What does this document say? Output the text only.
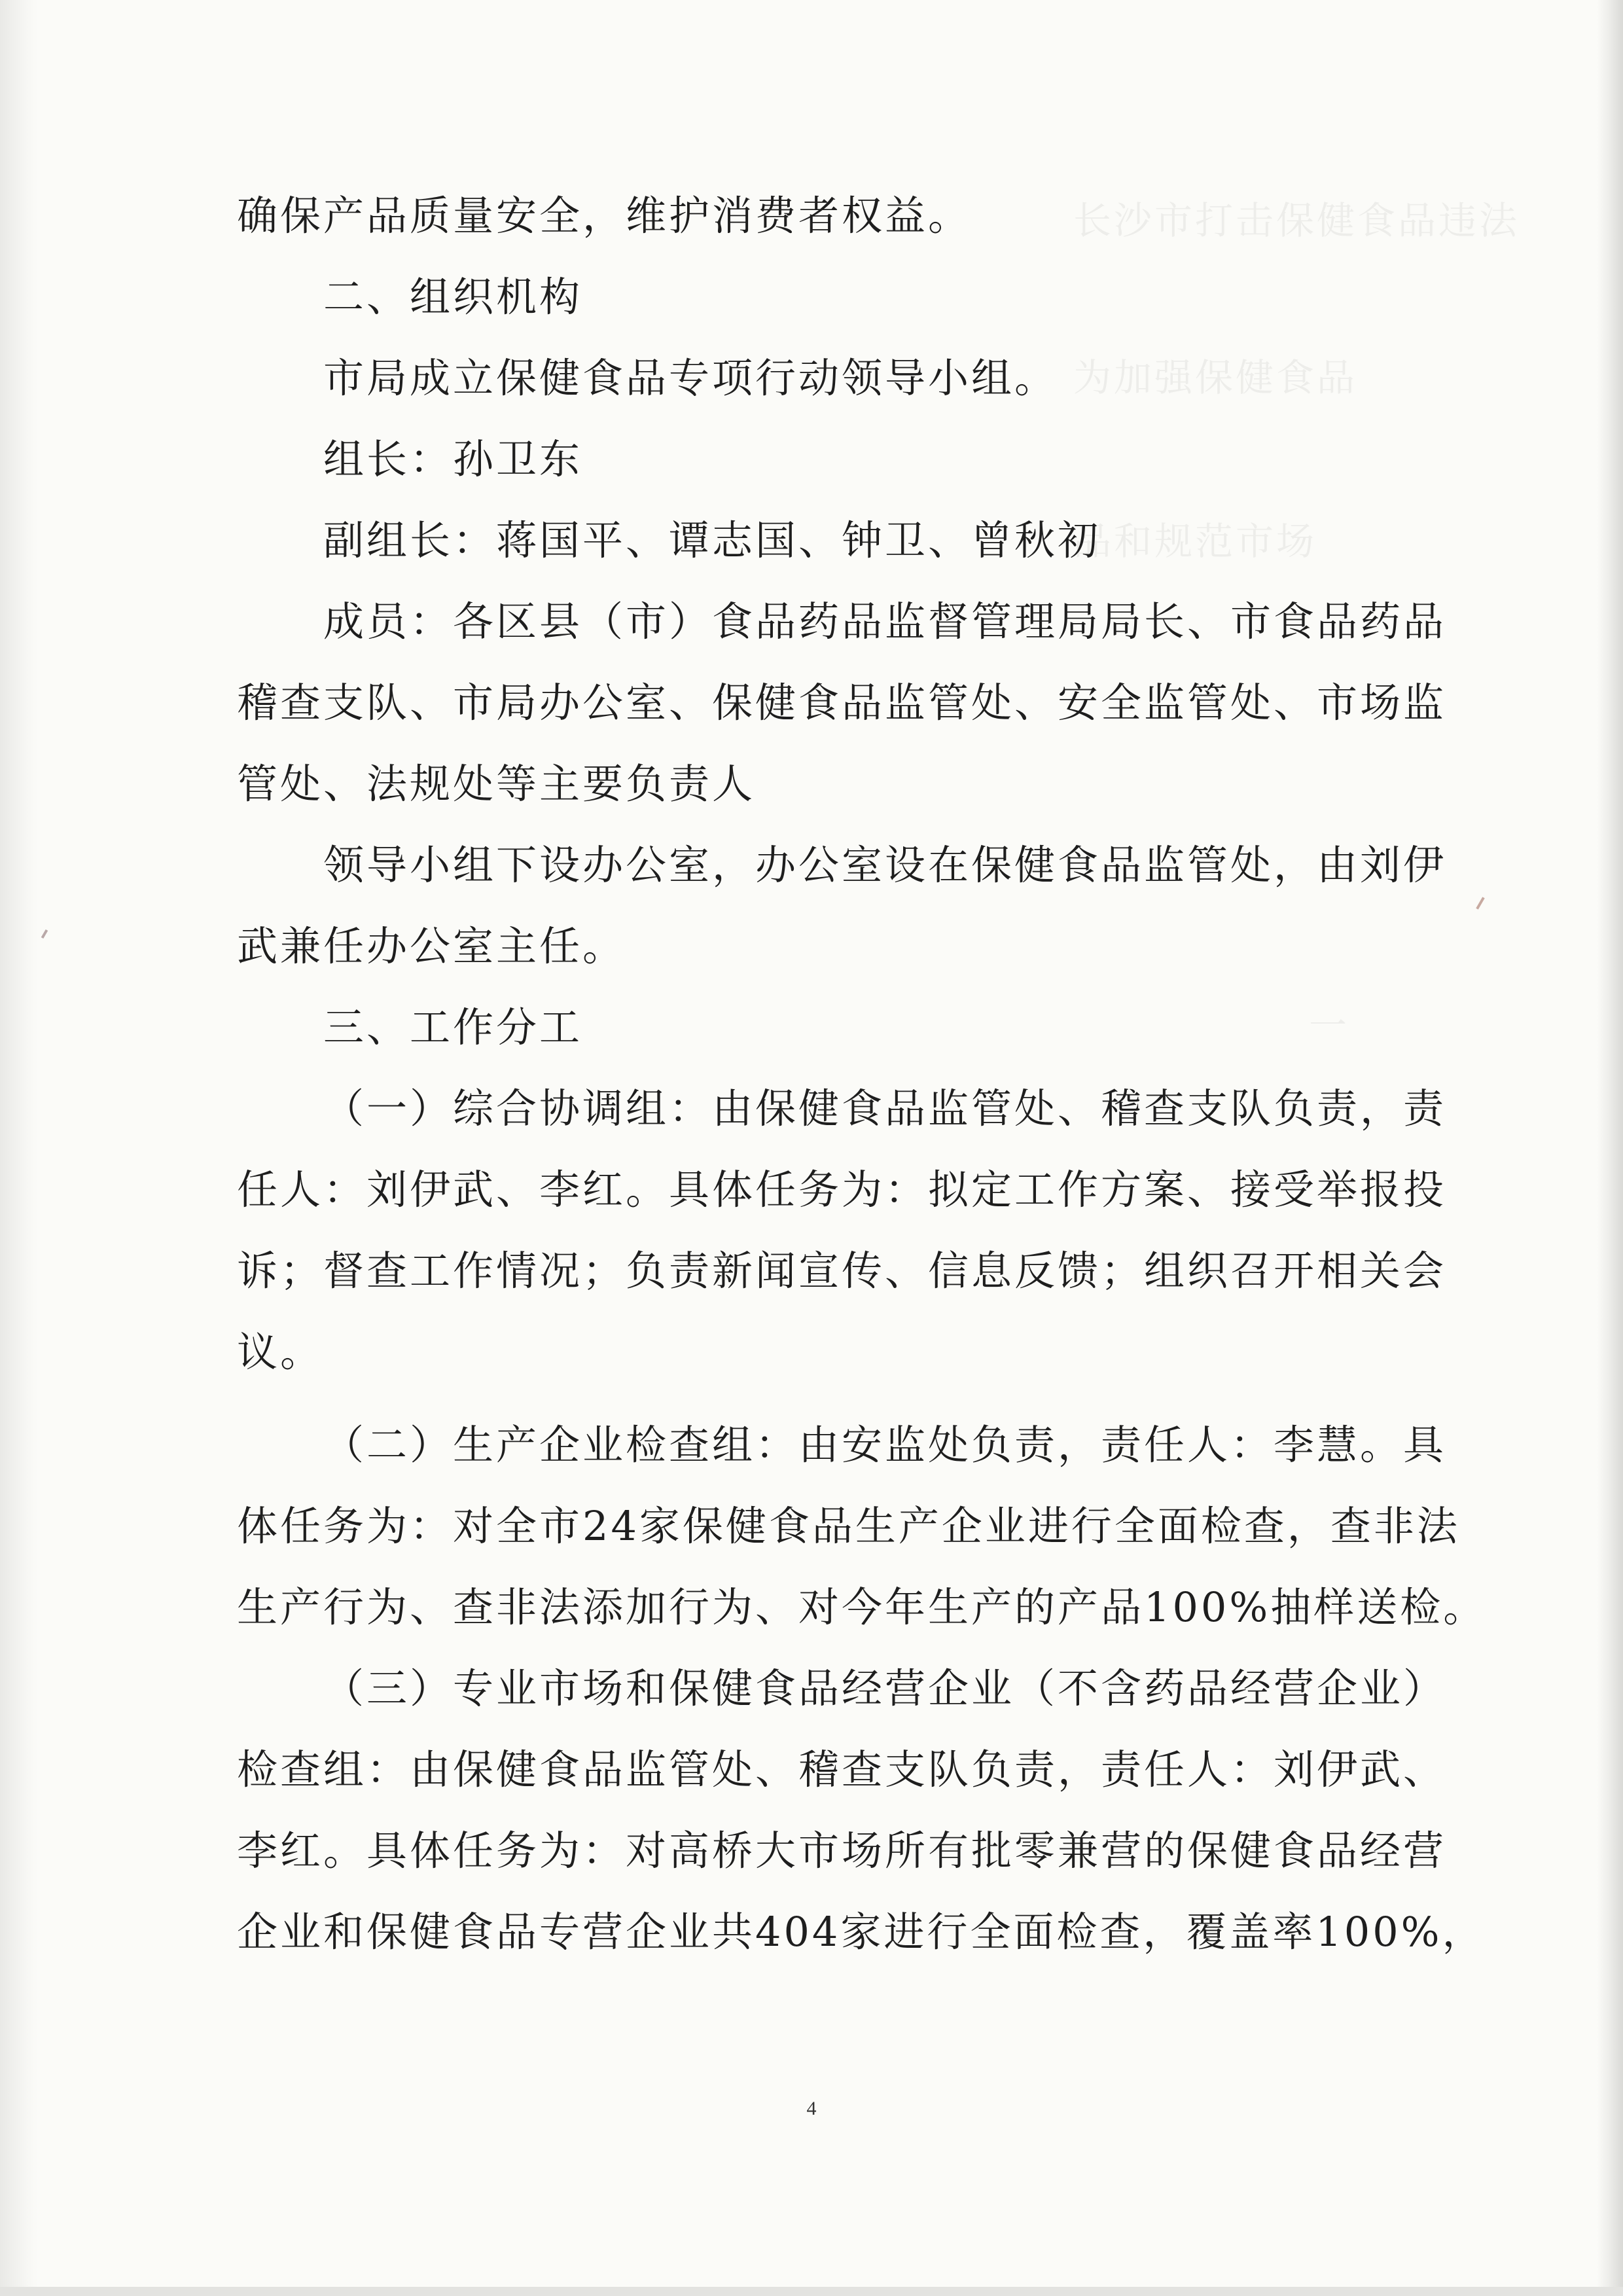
长沙市打击保健食品违法
为加强保健食品
品和规范市场
一
确保产品质量安全，维护消费者权益。
二、组织机构
市局成立保健食品专项行动领导小组。
组长：孙卫东
副组长：蒋国平、谭志国、钟卫、曾秋初
成员：各区县（市）食品药品监督管理局局长、市食品药品
稽查支队、市局办公室、保健食品监管处、安全监管处、市场监
管处、法规处等主要负责人
领导小组下设办公室，办公室设在保健食品监管处，由刘伊
武兼任办公室主任。
三、工作分工
（一）综合协调组：由保健食品监管处、稽查支队负责，责
任人：刘伊武、李红。具体任务为：拟定工作方案、接受举报投
诉；督查工作情况；负责新闻宣传、信息反馈；组织召开相关会
议。
（二）生产企业检查组：由安监处负责，责任人：李慧。具
体任务为：对全市24家保健食品生产企业进行全面检查，查非法
生产行为、查非法添加行为、对今年生产的产品100%抽样送检。
（三）专业市场和保健食品经营企业（不含药品经营企业）
检查组：由保健食品监管处、稽查支队负责，责任人：刘伊武、
李红。具体任务为：对高桥大市场所有批零兼营的保健食品经营
企业和保健食品专营企业共404家进行全面检查，覆盖率100%，
4
